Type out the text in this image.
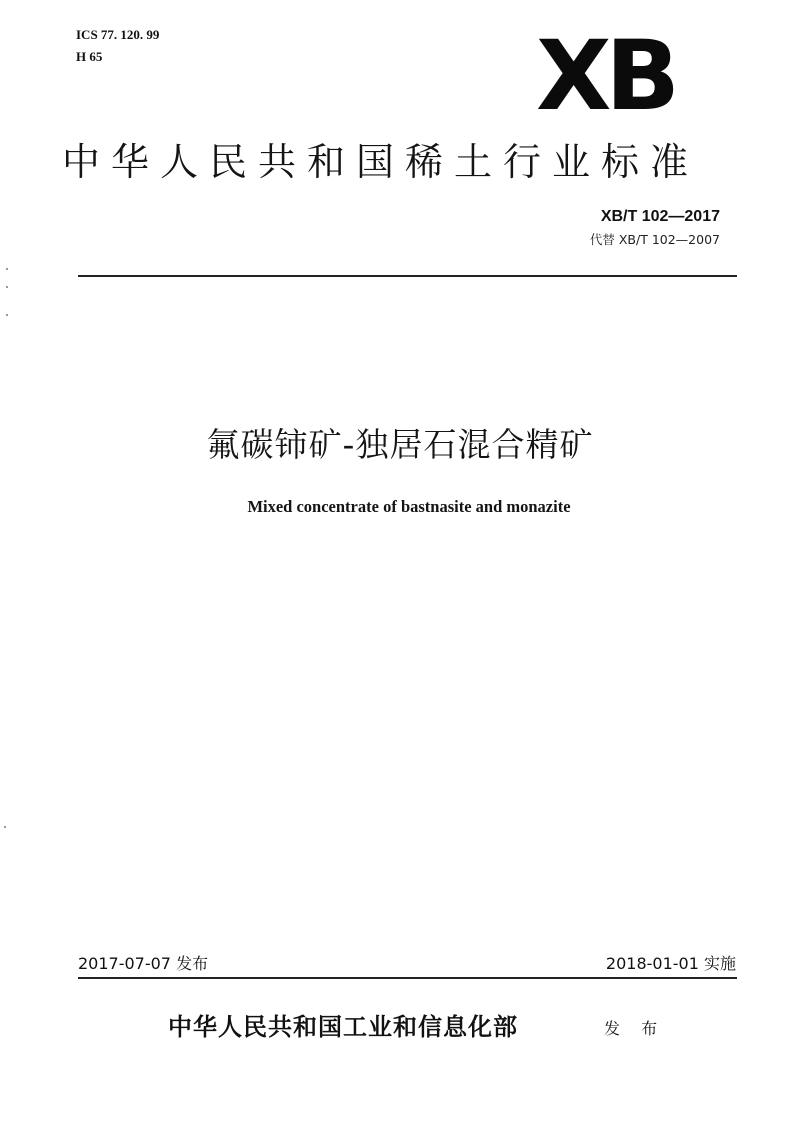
ICS 77. 120. 99
H 65	XB
中华人民共和国稀土行业标准
XB/T 102—2017
代替 XB/T 102—2007
氟碳铈矿-独居石混合精矿
Mixed concentrate of bastnasite and monazite
2017-07-07 发布	2018-01-01 实施
中华人民共和国工业和信息化部	发 布
